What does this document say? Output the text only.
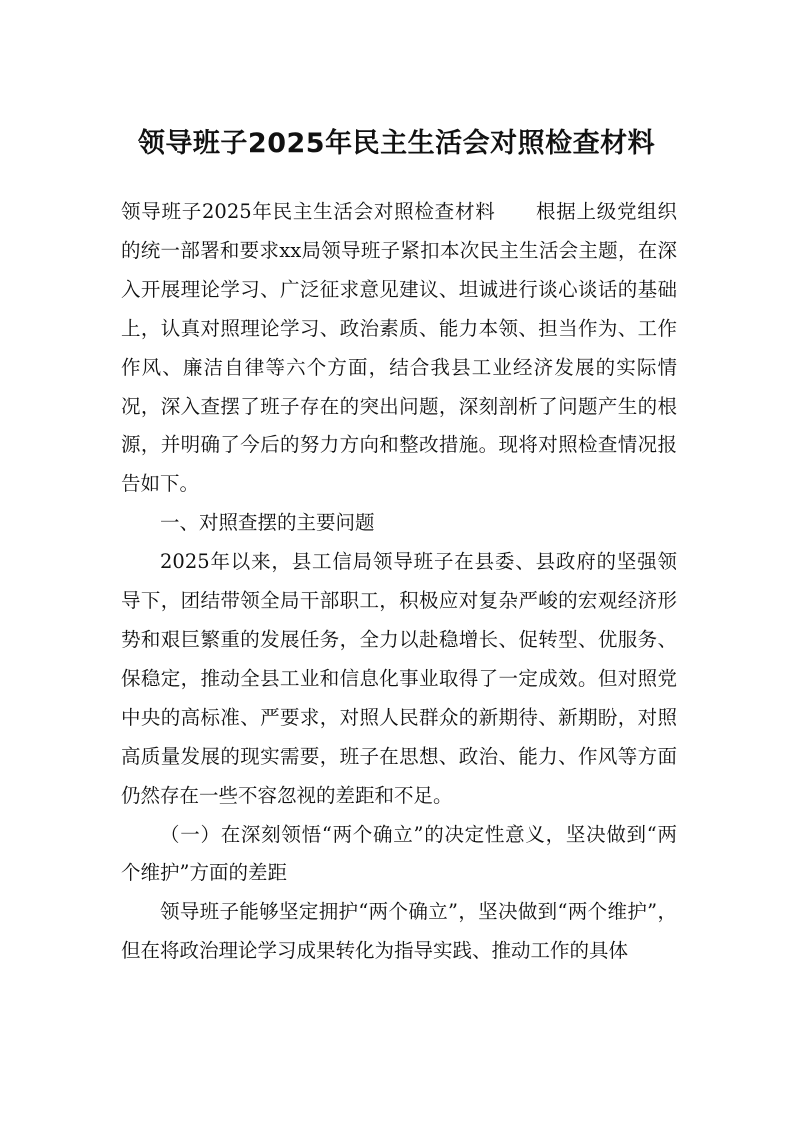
领导班子2025年民主生活会对照检查材料

领导班子2025年民主生活会对照检查材料　　根据上级党组织的统一部署和要求xx局领导班子紧扣本次民主生活会主题，在深入开展理论学习、广泛征求意见建议、坦诚进行谈心谈话的基础上，认真对照理论学习、政治素质、能力本领、担当作为、工作作风、廉洁自律等六个方面，结合我县工业经济发展的实际情况，深入查摆了班子存在的突出问题，深刻剖析了问题产生的根源，并明确了今后的努力方向和整改措施。现将对照检查情况报告如下。

一、对照查摆的主要问题

2025年以来，县工信局领导班子在县委、县政府的坚强领导下，团结带领全局干部职工，积极应对复杂严峻的宏观经济形势和艰巨繁重的发展任务，全力以赴稳增长、促转型、优服务、保稳定，推动全县工业和信息化事业取得了一定成效。但对照党中央的高标准、严要求，对照人民群众的新期待、新期盼，对照高质量发展的现实需要，班子在思想、政治、能力、作风等方面仍然存在一些不容忽视的差距和不足。

（一）在深刻领悟“两个确立”的决定性意义，坚决做到“两个维护”方面的差距

领导班子能够坚定拥护“两个确立”，坚决做到“两个维护”，但在将政治理论学习成果转化为指导实践、推动工作的具体
